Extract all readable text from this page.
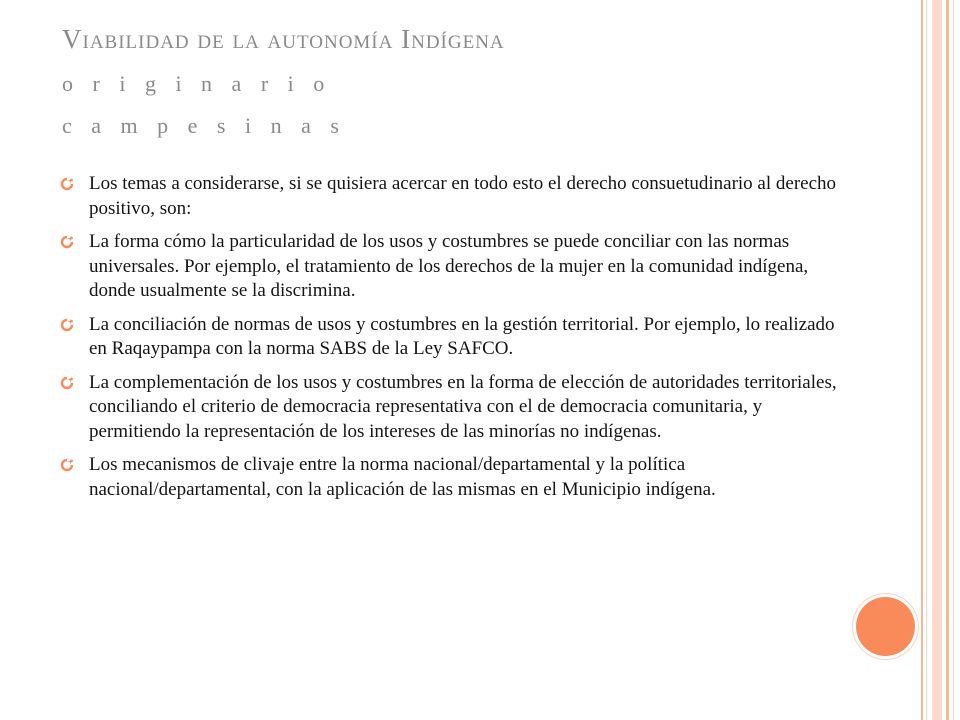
Viabilidad de la autonomía Indígena
o r i g i n a r i o
c a m p e s i n a s
Los temas a considerarse, si se quisiera acercar en todo esto el derecho consuetudinario al derecho positivo, son:
La forma cómo la particularidad de los usos y costumbres se puede conciliar con las normas universales. Por ejemplo, el tratamiento de los derechos de la mujer en la comunidad indígena, donde usualmente se la discrimina.
La conciliación de normas de usos y costumbres en la gestión territorial. Por ejemplo, lo realizado en Raqaypampa con la norma SABS de la Ley SAFCO.
La complementación de los usos y costumbres en la forma de elección de autoridades territoriales, conciliando el criterio de democracia representativa con el de democracia comunitaria, y permitiendo la representación de los intereses de las minorías no indígenas.
Los mecanismos de clivaje entre la norma nacional/departamental y la política nacional/departamental, con la aplicación de las mismas en el Municipio indígena.
